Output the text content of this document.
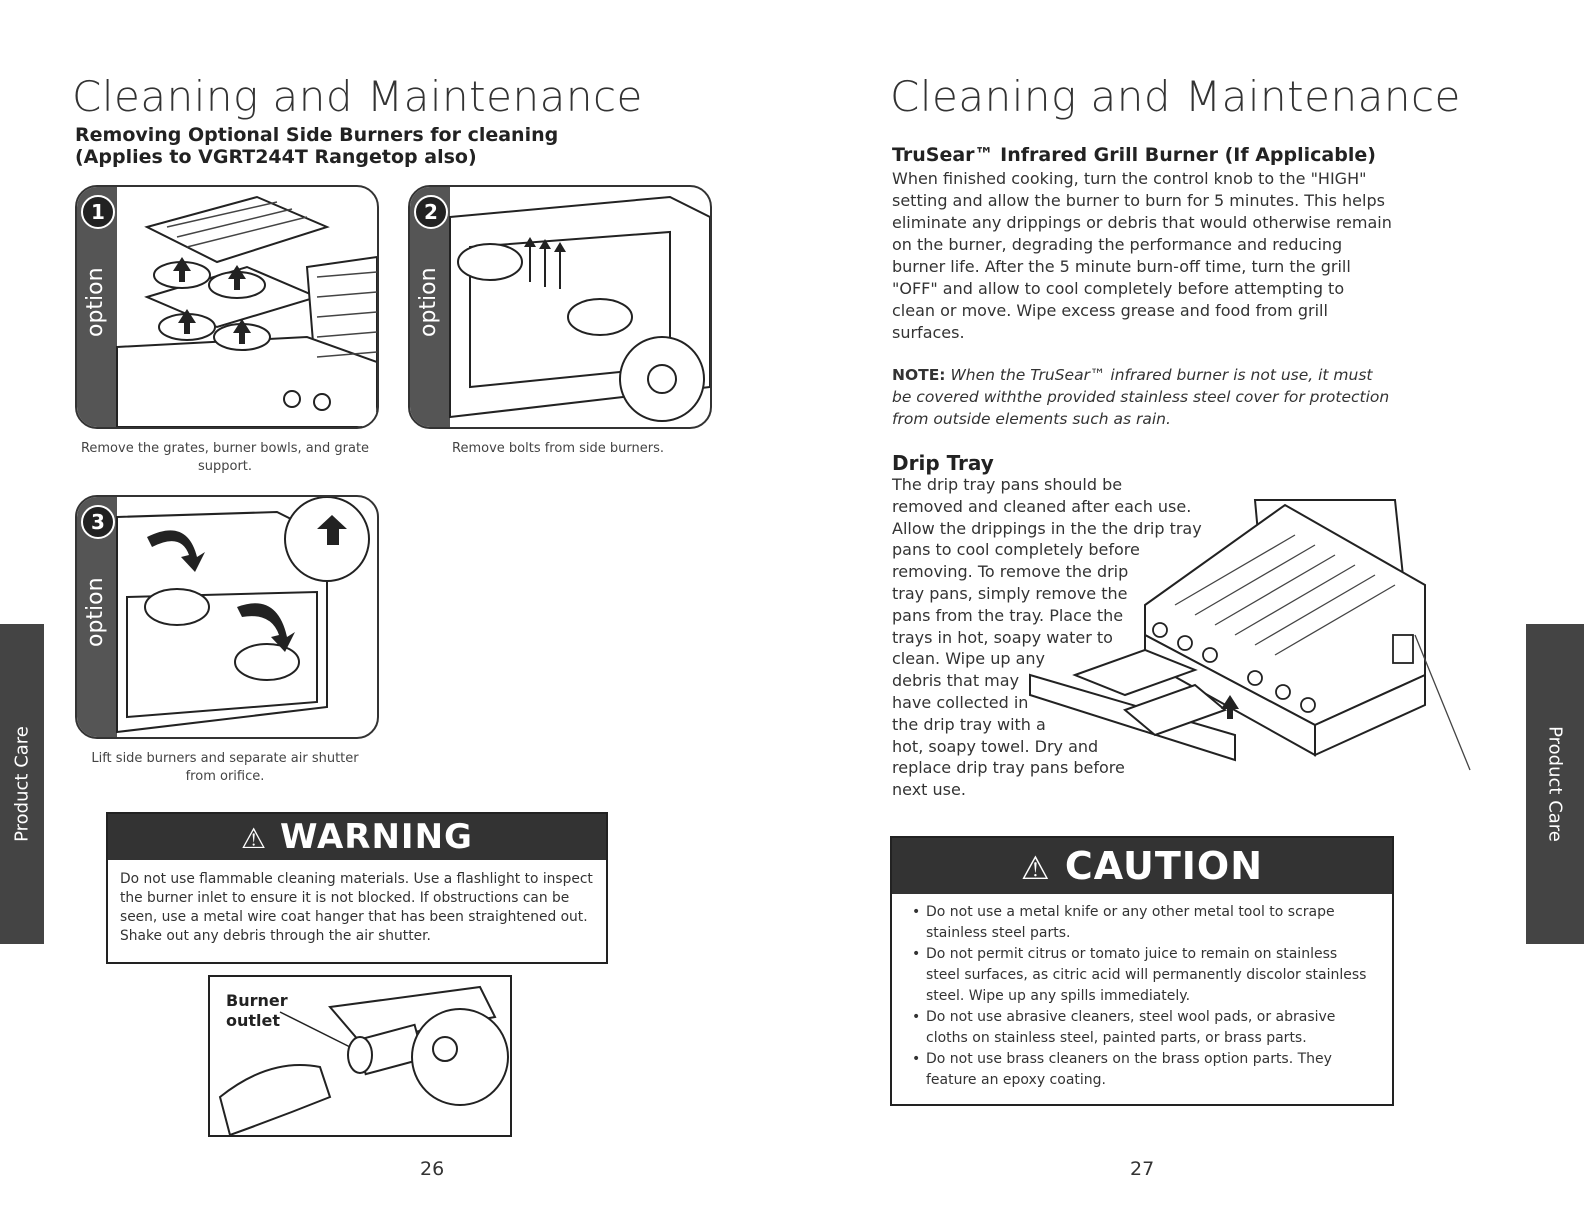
Cleaning and Maintenance
Removing Optional Side Burners for cleaning
(Applies to VGRT244T Rangetop also)
1
option
Remove the grates, burner bowls, and grate support.
2
option
Remove bolts from side burners.
3
option
Lift side burners and separate air shutter from orifice.
⚠ WARNING
Do not use flammable cleaning materials. Use a flashlight to inspect the burner inlet to ensure it is not blocked. If obstructions can be seen, use a metal wire coat hanger that has been straightened out. Shake out any debris through the air shutter.
Burner
outlet
26
Product Care
Cleaning and Maintenance
TruSear™ Infrared Grill Burner (If Applicable)
When finished cooking, turn the control knob to the "HIGH" setting and allow the burner to burn for 5 minutes. This helps eliminate any drippings or debris that would otherwise remain on the burner, degrading the performance and reducing burner life. After the 5 minute burn-off time, turn the grill "OFF" and allow to cool completely before attempting to clean or move. Wipe excess grease and food from grill surfaces.
NOTE: When the TruSear™ infrared burner is not use, it must be covered withthe provided stainless steel cover for protection from outside elements such as rain.
Drip Tray
The drip tray pans should be
removed and cleaned after each use.
Allow the drippings in the the drip tray
pans to cool completely before
removing. To remove the drip
tray pans, simply remove the
pans from the tray. Place the
trays in hot, soapy water to
clean. Wipe up any
debris that may
have collected in
the drip tray with a
hot, soapy towel. Dry and
replace drip tray pans before
next use.
⚠ CAUTION
• Do not use a metal knife or any other metal tool to scrape stainless steel parts.
• Do not permit citrus or tomato juice to remain on stainless steel surfaces, as citric acid will permanently discolor stainless steel. Wipe up any spills immediately.
• Do not use abrasive cleaners, steel wool pads, or abrasive cloths on stainless steel, painted parts, or brass parts.
• Do not use brass cleaners on the brass option parts. They feature an epoxy coating.
27
Product Care
